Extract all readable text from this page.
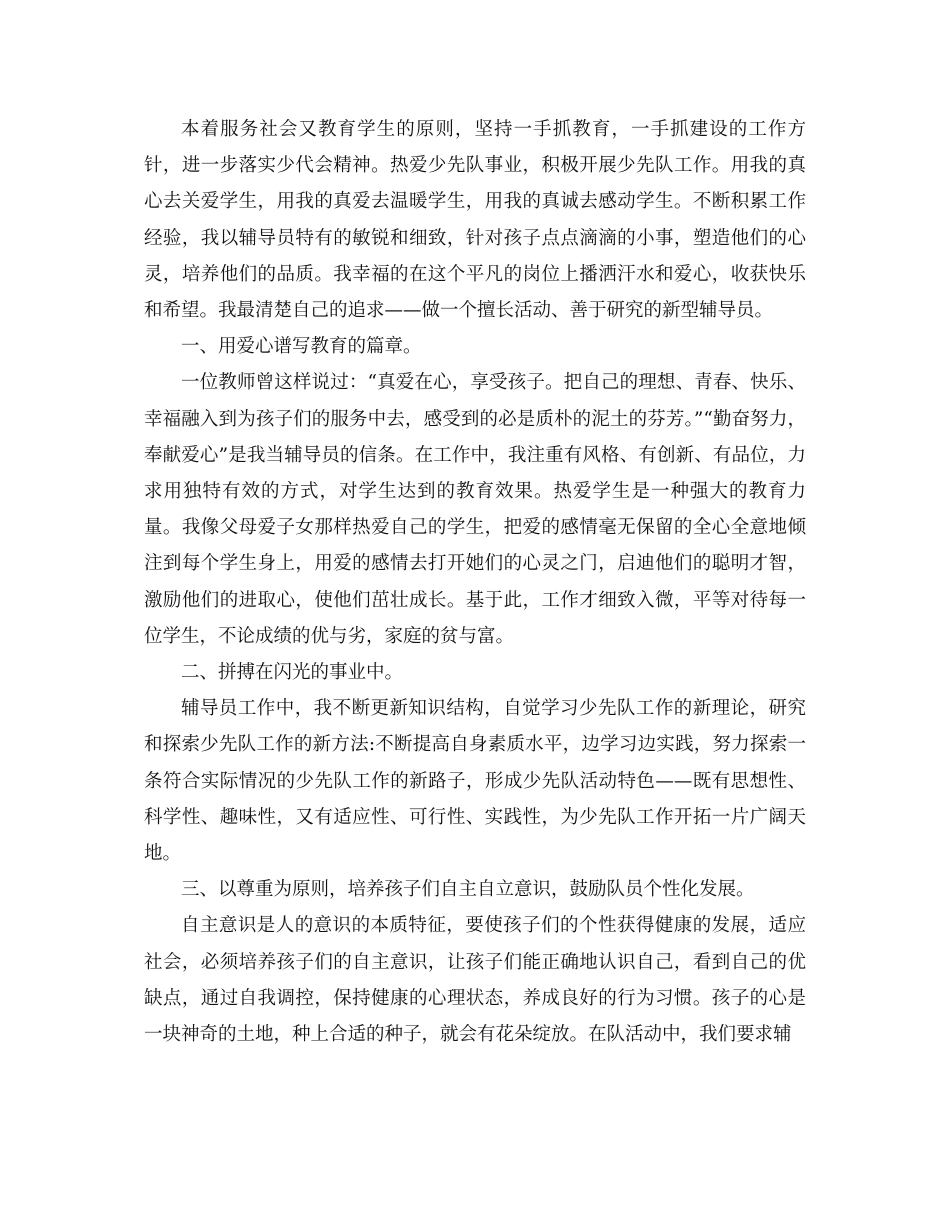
本着服务社会又教育学生的原则，坚持一手抓教育，一手抓建设的工作方针，进一步落实少代会精神。热爱少先队事业，积极开展少先队工作。用我的真心去关爱学生，用我的真爱去温暖学生，用我的真诚去感动学生。不断积累工作经验，我以辅导员特有的敏锐和细致，针对孩子点点滴滴的小事，塑造他们的心灵，培养他们的品质。我幸福的在这个平凡的岗位上播洒汗水和爱心，收获快乐和希望。我最清楚自己的追求——做一个擅长活动、善于研究的新型辅导员。

一、用爱心谱写教育的篇章。

一位教师曾这样说过：“真爱在心，享受孩子。把自己的理想、青春、快乐、幸福融入到为孩子们的服务中去，感受到的必是质朴的泥土的芬芳。”“勤奋努力，奉献爱心”是我当辅导员的信条。在工作中，我注重有风格、有创新、有品位，力求用独特有效的方式，对学生达到的教育效果。热爱学生是一种强大的教育力量。我像父母爱子女那样热爱自己的学生，把爱的感情毫无保留的全心全意地倾注到每个学生身上，用爱的感情去打开她们的心灵之门，启迪他们的聪明才智，激励他们的进取心，使他们茁壮成长。基于此，工作才细致入微，平等对待每一位学生，不论成绩的优与劣，家庭的贫与富。

二、拼搏在闪光的事业中。

辅导员工作中，我不断更新知识结构，自觉学习少先队工作的新理论，研究和探索少先队工作的新方法:不断提高自身素质水平，边学习边实践，努力探索一条符合实际情况的少先队工作的新路子，形成少先队活动特色——既有思想性、科学性、趣味性，又有适应性、可行性、实践性，为少先队工作开拓一片广阔天地。

三、以尊重为原则，培养孩子们自主自立意识，鼓励队员个性化发展。

自主意识是人的意识的本质特征，要使孩子们的个性获得健康的发展，适应社会，必须培养孩子们的自主意识，让孩子们能正确地认识自己，看到自己的优缺点，通过自我调控，保持健康的心理状态，养成良好的行为习惯。孩子的心是一块神奇的土地，种上合适的种子，就会有花朵绽放。在队活动中，我们要求辅
